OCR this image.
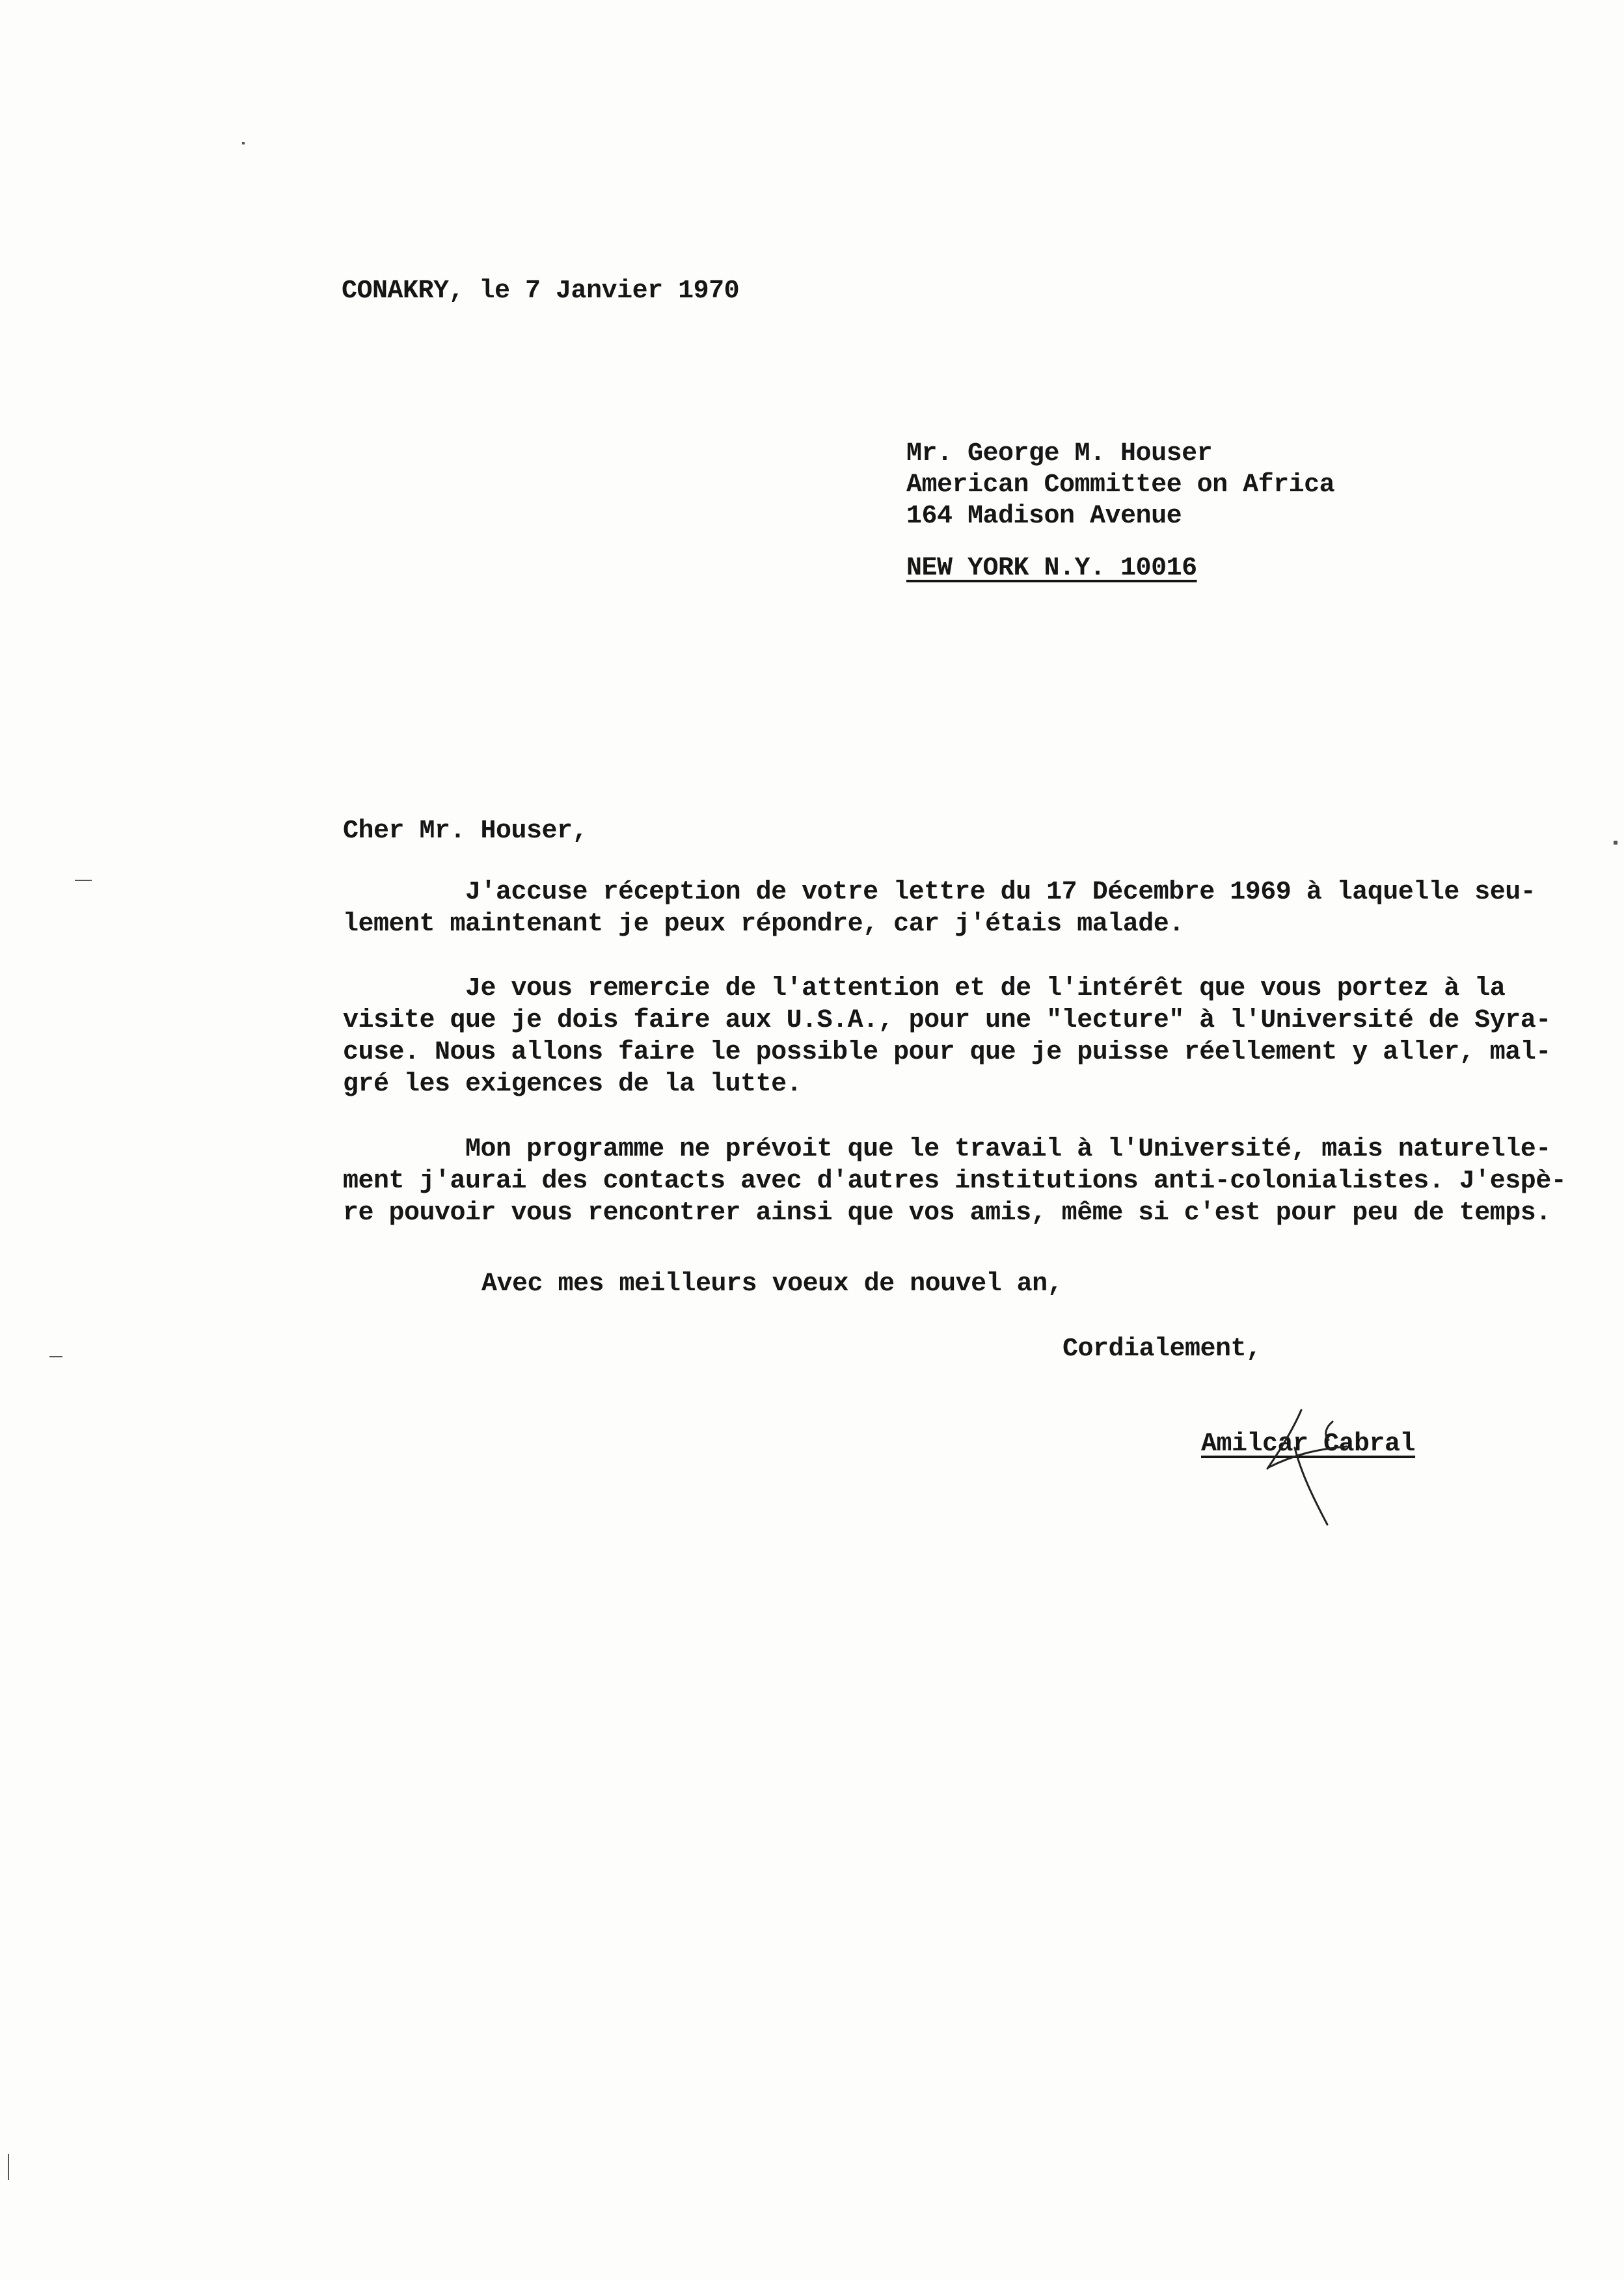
CONAKRY, le 7 Janvier 1970
Mr. George M. Houser
American Committee on Africa
164 Madison Avenue
NEW YORK N.Y. 10016
Cher Mr. Houser,
J'accuse réception de votre lettre du 17 Décembre 1969 à laquelle seu-
lement maintenant je peux répondre, car j'étais malade.
Je vous remercie de l'attention et de l'intérêt que vous portez à la
visite que je dois faire aux U.S.A., pour une "lecture" à l'Université de Syra-
cuse. Nous allons faire le possible pour que je puisse réellement y aller, mal-
gré les exigences de la lutte.
Mon programme ne prévoit que le travail à l'Université, mais naturelle-
ment j'aurai des contacts avec d'autres institutions anti-colonialistes. J'espè-
re pouvoir vous rencontrer ainsi que vos amis, même si c'est pour peu de temps.
Avec mes meilleurs voeux de nouvel an,
Cordialement,
Amilcar Cabral
